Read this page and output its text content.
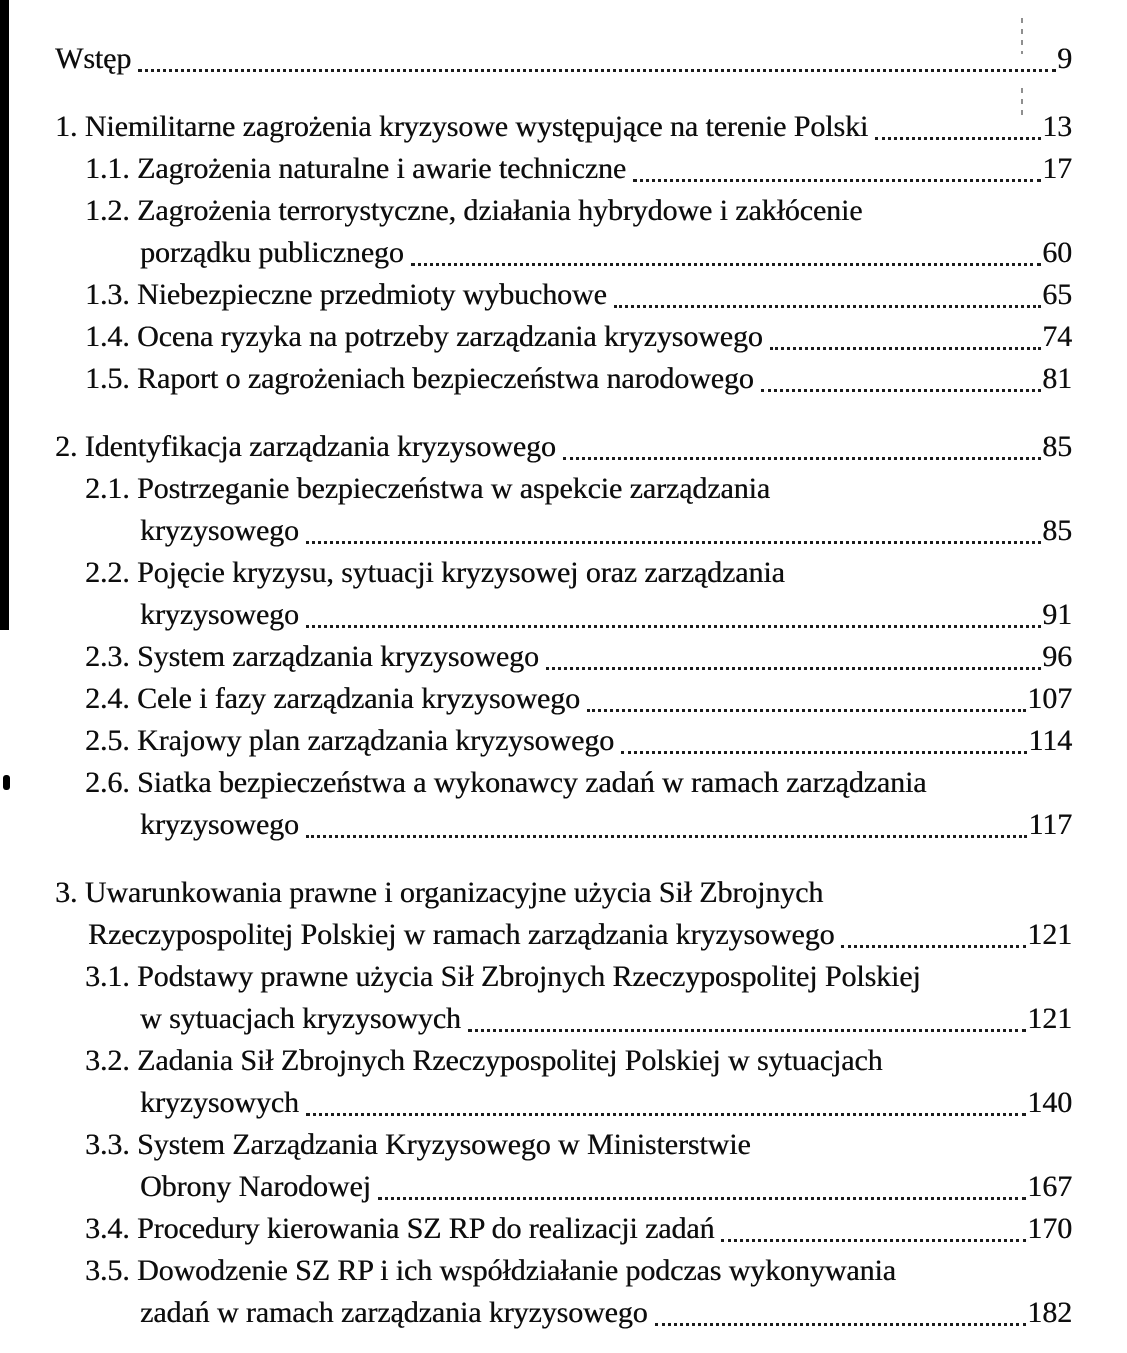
Wstęp	9
1. Niemilitarne zagrożenia kryzysowe występujące na terenie Polski	13
1.1. Zagrożenia naturalne i awarie techniczne	17
1.2. Zagrożenia terrorystyczne, działania hybrydowe i zakłócenie
porządku publicznego	60
1.3. Niebezpieczne przedmioty wybuchowe	65
1.4. Ocena ryzyka na potrzeby zarządzania kryzysowego	74
1.5. Raport o zagrożeniach bezpieczeństwa narodowego	81
2. Identyfikacja zarządzania kryzysowego	85
2.1. Postrzeganie bezpieczeństwa w aspekcie zarządzania
kryzysowego	85
2.2. Pojęcie kryzysu, sytuacji kryzysowej oraz zarządzania
kryzysowego	91
2.3. System zarządzania kryzysowego	96
2.4. Cele i fazy zarządzania kryzysowego	107
2.5. Krajowy plan zarządzania kryzysowego	114
2.6. Siatka bezpieczeństwa a wykonawcy zadań w ramach zarządzania
kryzysowego	117
3. Uwarunkowania prawne i organizacyjne użycia Sił Zbrojnych
Rzeczypospolitej Polskiej w ramach zarządzania kryzysowego	121
3.1. Podstawy prawne użycia Sił Zbrojnych Rzeczypospolitej Polskiej
w sytuacjach kryzysowych	121
3.2. Zadania Sił Zbrojnych Rzeczypospolitej Polskiej w sytuacjach
kryzysowych	140
3.3. System Zarządzania Kryzysowego w Ministerstwie
Obrony Narodowej	167
3.4. Procedury kierowania SZ RP do realizacji zadań	170
3.5. Dowodzenie SZ RP i ich współdziałanie podczas wykonywania
zadań w ramach zarządzania kryzysowego	182
